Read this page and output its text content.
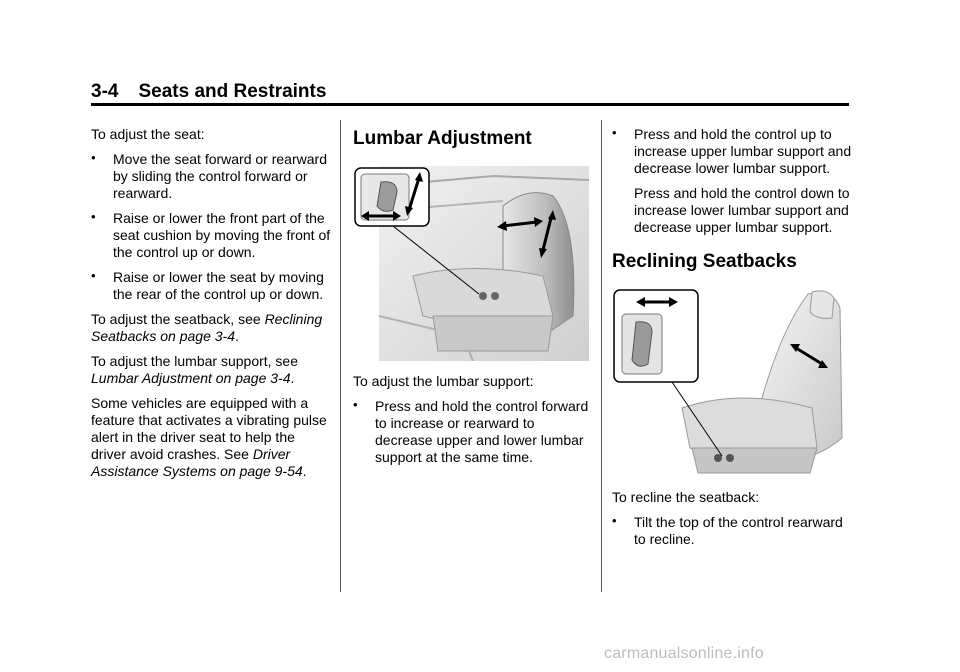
3-4 Seats and Restraints

To adjust the seat:

• Move the seat forward or rearward by sliding the control forward or rearward.
• Raise or lower the front part of the seat cushion by moving the front of the control up or down.
• Raise or lower the seat by moving the rear of the control up or down.

To adjust the seatback, see Reclining Seatbacks on page 3-4.

To adjust the lumbar support, see Lumbar Adjustment on page 3-4.

Some vehicles are equipped with a feature that activates a vibrating pulse alert in the driver seat to help the driver avoid crashes. See Driver Assistance Systems on page 9-54.

Lumbar Adjustment

To adjust the lumbar support:

• Press and hold the control forward to increase or rearward to decrease upper and lower lumbar support at the same time.
• Press and hold the control up to increase upper lumbar support and decrease lower lumbar support.

Press and hold the control down to increase lower lumbar support and decrease upper lumbar support.

Reclining Seatbacks

To recline the seatback:

• Tilt the top of the control rearward to recline.
carmanualsonline.info
